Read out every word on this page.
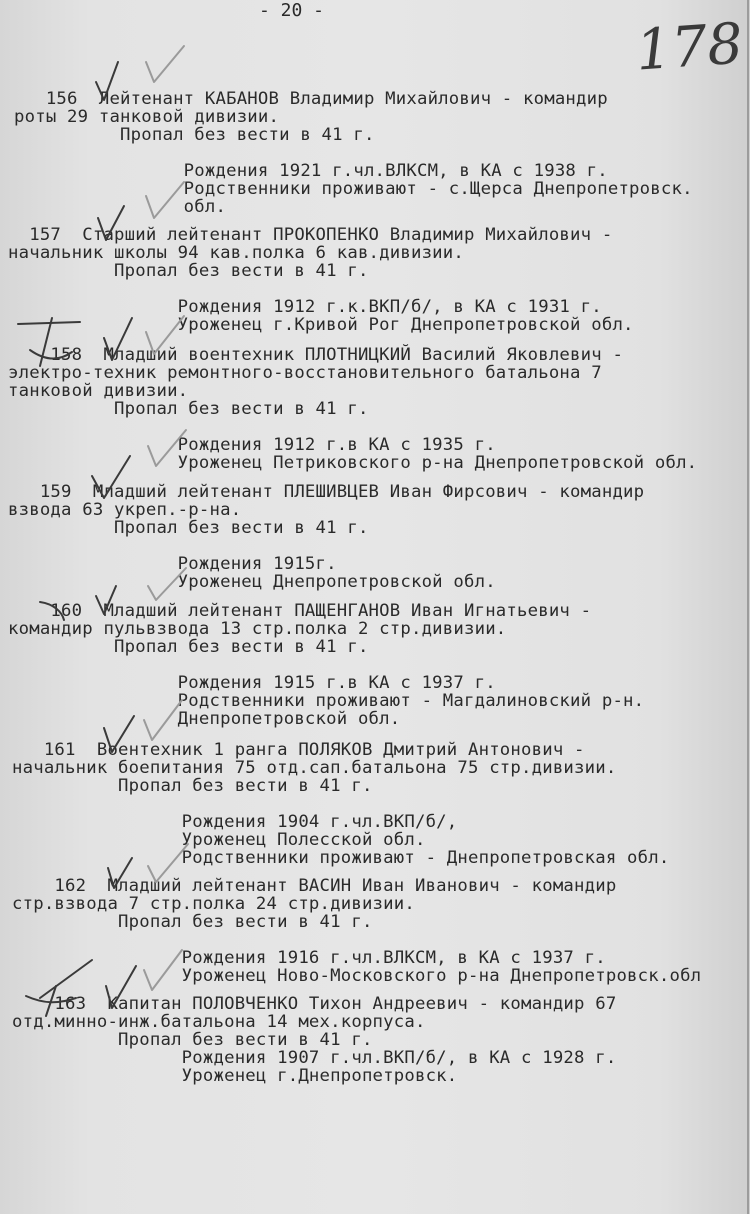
- 20 -
178
156  Лейтенант КАБАНОВ Владимир Михайлович - командир
роты 29 танковой дивизии.
Пропал без вести в 41 г.

Рождения 1921 г.чл.ВЛКСМ, в КА с 1938 г.
Родственники проживают - с.Щерса Днепропетровск.
обл.
157  Старший лейтенант ПРОКОПЕНКО Владимир Михайлович -
начальник школы 94 кав.полка 6 кав.дивизии.
Пропал без вести в 41 г.

Рождения 1912 г.к.ВКП/б/, в КА с 1931 г.
Уроженец г.Кривой Рог Днепропетровской обл.
158  Младший воентехник ПЛОТНИЦКИЙ Василий Яковлевич -
электро-техник ремонтного-восстановительного батальона 7
танковой дивизии.
Пропал без вести в 41 г.

Рождения 1912 г.в КА с 1935 г.
Уроженец Петриковского р-на Днепропетровской обл.
159  Младший лейтенант ПЛЕШИВЦЕВ Иван Фирсович - командир
взвода 63 укреп.-р-на.
Пропал без вести в 41 г.

Рождения 1915г.
Уроженец Днепропетровской обл.
160  Младший лейтенант ПАЩЕНГАНОВ Иван Игнатьевич -
командир пульвзвода 13 стр.полка 2 стр.дивизии.
Пропал без вести в 41 г.

Рождения 1915 г.в КА с 1937 г.
Родственники проживают - Магдалиновский р-н.
Днепропетровской обл.
161  Воентехник 1 ранга ПОЛЯКОВ Дмитрий Антонович -
начальник боепитания 75 отд.сап.батальона 75 стр.дивизии.
Пропал без вести в 41 г.

Рождения 1904 г.чл.ВКП/б/,
Уроженец Полесской обл.
Родственники проживают - Днепропетровская обл.
162  Младший лейтенант ВАСИН Иван Иванович - командир
стр.взвода 7 стр.полка 24 стр.дивизии.
Пропал без вести в 41 г.

Рождения 1916 г.чл.ВЛКСМ, в КА с 1937 г.
Уроженец Ново-Московского р-на Днепропетровск.обл
163  Капитан ПОЛОВЧЕНКО Тихон Андреевич - командир 67
отд.минно-инж.батальона 14 мех.корпуса.
Пропал без вести в 41 г.
Рождения 1907 г.чл.ВКП/б/, в КА с 1928 г.
Уроженец г.Днепропетровск.
